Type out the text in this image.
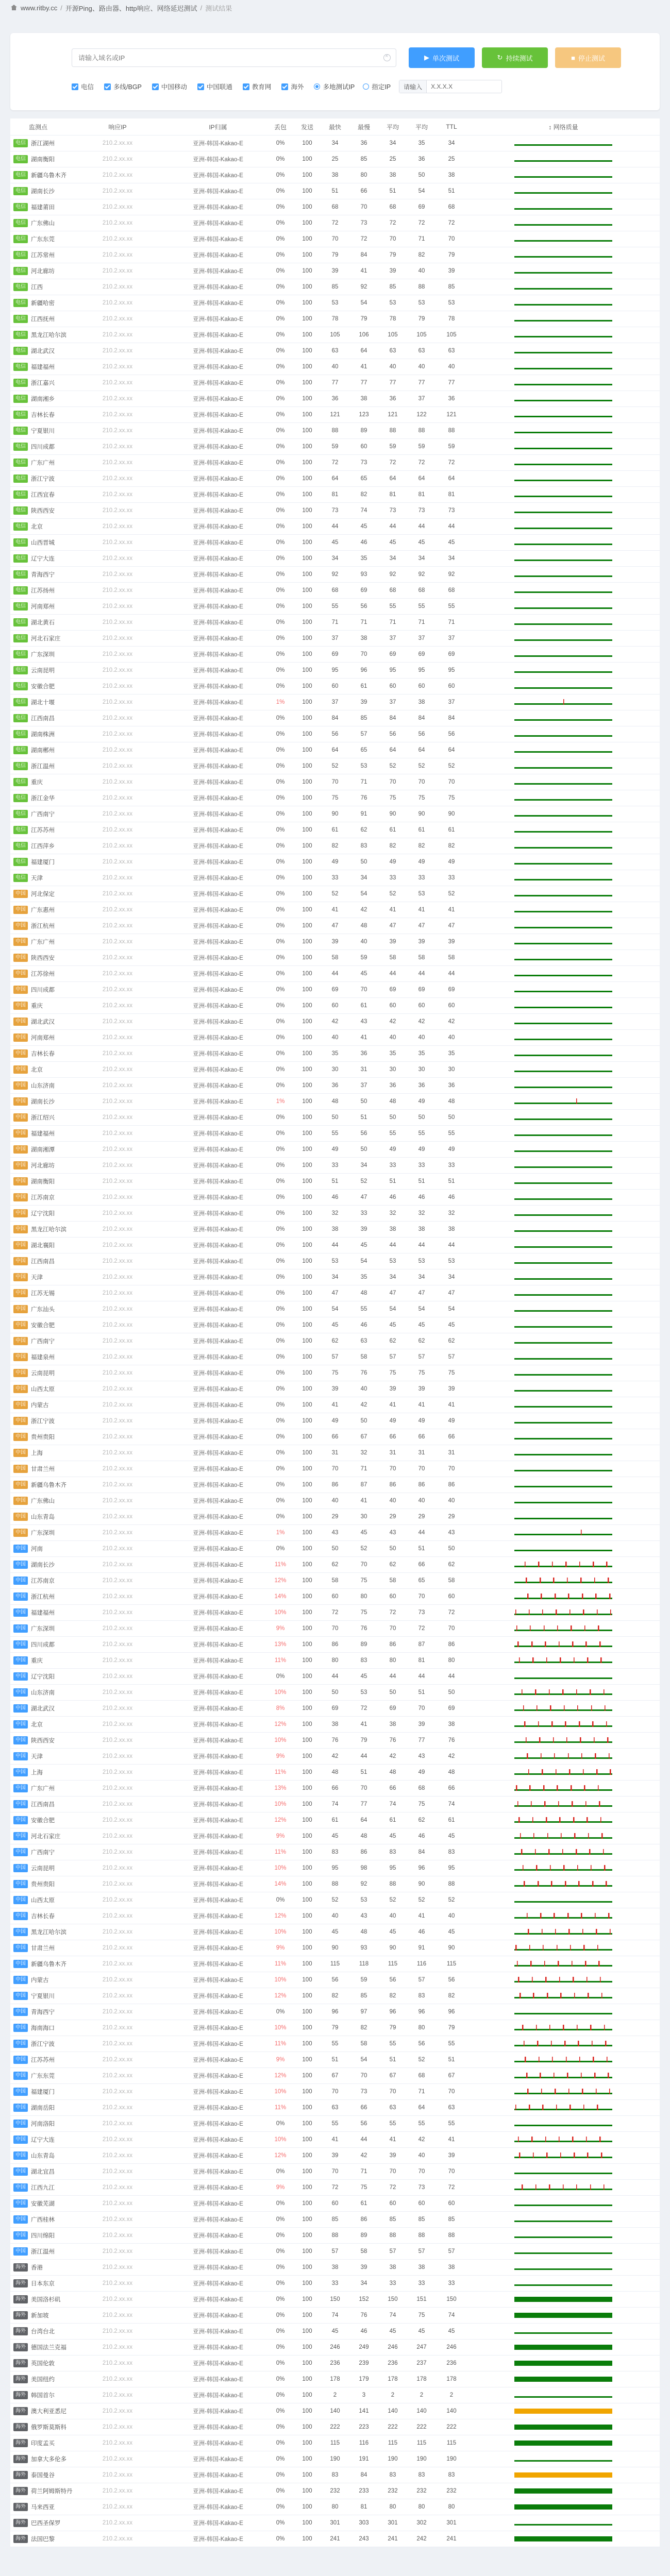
www.ritby.cc / 开源Ping、路由器、http响应、网络延迟测试 / 测试结果
请输入域名或IP
×
▶ 单次测试	↻ 持续测试	■ 停止测试
电信	多线/BGP	中国移动	中国联通	教育网	海外	多地测试IP	指定IP	请输入	X.X.X.X
监测点	响应IP	IP归属	丢包	发送	最快	最慢	平均	平均	TTL	↕ 网络质量
电信 浙江湖州	210.2.xx.xx	亚洲-韩国-Kakao-E	0%	100	34	36	34	35	34	

电信 湖南衡阳	210.2.xx.xx	亚洲-韩国-Kakao-E	0%	100	25	85	25	36	25	

电信 新疆乌鲁木齐	210.2.xx.xx	亚洲-韩国-Kakao-E	0%	100	38	80	38	50	38	

电信 湖南长沙	210.2.xx.xx	亚洲-韩国-Kakao-E	0%	100	51	66	51	54	51	

电信 福建莆田	210.2.xx.xx	亚洲-韩国-Kakao-E	0%	100	68	70	68	69	68	

电信 广东佛山	210.2.xx.xx	亚洲-韩国-Kakao-E	0%	100	72	73	72	72	72	

电信 广东东莞	210.2.xx.xx	亚洲-韩国-Kakao-E	0%	100	70	72	70	71	70	

电信 江苏常州	210.2.xx.xx	亚洲-韩国-Kakao-E	0%	100	79	84	79	82	79	

电信 河北廊坊	210.2.xx.xx	亚洲-韩国-Kakao-E	0%	100	39	41	39	40	39	

电信 江西	210.2.xx.xx	亚洲-韩国-Kakao-E	0%	100	85	92	85	88	85	

电信 新疆哈密	210.2.xx.xx	亚洲-韩国-Kakao-E	0%	100	53	54	53	53	53	

电信 江西抚州	210.2.xx.xx	亚洲-韩国-Kakao-E	0%	100	78	79	78	79	78	

电信 黑龙江哈尔滨	210.2.xx.xx	亚洲-韩国-Kakao-E	0%	100	105	106	105	105	105	

电信 湖北武汉	210.2.xx.xx	亚洲-韩国-Kakao-E	0%	100	63	64	63	63	63	

电信 福建福州	210.2.xx.xx	亚洲-韩国-Kakao-E	0%	100	40	41	40	40	40	

电信 浙江嘉兴	210.2.xx.xx	亚洲-韩国-Kakao-E	0%	100	77	77	77	77	77	

电信 湖南湘乡	210.2.xx.xx	亚洲-韩国-Kakao-E	0%	100	36	38	36	37	36	

电信 吉林长春	210.2.xx.xx	亚洲-韩国-Kakao-E	0%	100	121	123	121	122	121	

电信 宁夏银川	210.2.xx.xx	亚洲-韩国-Kakao-E	0%	100	88	89	88	88	88	

电信 四川成都	210.2.xx.xx	亚洲-韩国-Kakao-E	0%	100	59	60	59	59	59	

电信 广东广州	210.2.xx.xx	亚洲-韩国-Kakao-E	0%	100	72	73	72	72	72	

电信 浙江宁波	210.2.xx.xx	亚洲-韩国-Kakao-E	0%	100	64	65	64	64	64	

电信 江西宜春	210.2.xx.xx	亚洲-韩国-Kakao-E	0%	100	81	82	81	81	81	

电信 陕西西安	210.2.xx.xx	亚洲-韩国-Kakao-E	0%	100	73	74	73	73	73	

电信 北京	210.2.xx.xx	亚洲-韩国-Kakao-E	0%	100	44	45	44	44	44	

电信 山西晋城	210.2.xx.xx	亚洲-韩国-Kakao-E	0%	100	45	46	45	45	45	

电信 辽宁大连	210.2.xx.xx	亚洲-韩国-Kakao-E	0%	100	34	35	34	34	34	

电信 青海西宁	210.2.xx.xx	亚洲-韩国-Kakao-E	0%	100	92	93	92	92	92	

电信 江苏扬州	210.2.xx.xx	亚洲-韩国-Kakao-E	0%	100	68	69	68	68	68	

电信 河南郑州	210.2.xx.xx	亚洲-韩国-Kakao-E	0%	100	55	56	55	55	55	

电信 湖北黄石	210.2.xx.xx	亚洲-韩国-Kakao-E	0%	100	71	71	71	71	71	

电信 河北石家庄	210.2.xx.xx	亚洲-韩国-Kakao-E	0%	100	37	38	37	37	37	

电信 广东深圳	210.2.xx.xx	亚洲-韩国-Kakao-E	0%	100	69	70	69	69	69	

电信 云南昆明	210.2.xx.xx	亚洲-韩国-Kakao-E	0%	100	95	96	95	95	95	

电信 安徽合肥	210.2.xx.xx	亚洲-韩国-Kakao-E	0%	100	60	61	60	60	60	

电信 湖北十堰	210.2.xx.xx	亚洲-韩国-Kakao-E	1%	100	37	39	37	38	37	

电信 江西南昌	210.2.xx.xx	亚洲-韩国-Kakao-E	0%	100	84	85	84	84	84	

电信 湖南株洲	210.2.xx.xx	亚洲-韩国-Kakao-E	0%	100	56	57	56	56	56	

电信 湖南郴州	210.2.xx.xx	亚洲-韩国-Kakao-E	0%	100	64	65	64	64	64	

电信 浙江温州	210.2.xx.xx	亚洲-韩国-Kakao-E	0%	100	52	53	52	52	52	

电信 重庆	210.2.xx.xx	亚洲-韩国-Kakao-E	0%	100	70	71	70	70	70	

电信 浙江金华	210.2.xx.xx	亚洲-韩国-Kakao-E	0%	100	75	76	75	75	75	

电信 广西南宁	210.2.xx.xx	亚洲-韩国-Kakao-E	0%	100	90	91	90	90	90	

电信 江苏苏州	210.2.xx.xx	亚洲-韩国-Kakao-E	0%	100	61	62	61	61	61	

电信 江西萍乡	210.2.xx.xx	亚洲-韩国-Kakao-E	0%	100	82	83	82	82	82	

电信 福建厦门	210.2.xx.xx	亚洲-韩国-Kakao-E	0%	100	49	50	49	49	49	

电信 天津	210.2.xx.xx	亚洲-韩国-Kakao-E	0%	100	33	34	33	33	33	

中国 河北保定	210.2.xx.xx	亚洲-韩国-Kakao-E	0%	100	52	54	52	53	52	

中国 广东惠州	210.2.xx.xx	亚洲-韩国-Kakao-E	0%	100	41	42	41	41	41	

中国 浙江杭州	210.2.xx.xx	亚洲-韩国-Kakao-E	0%	100	47	48	47	47	47	

中国 广东广州	210.2.xx.xx	亚洲-韩国-Kakao-E	0%	100	39	40	39	39	39	

中国 陕西西安	210.2.xx.xx	亚洲-韩国-Kakao-E	0%	100	58	59	58	58	58	

中国 江苏徐州	210.2.xx.xx	亚洲-韩国-Kakao-E	0%	100	44	45	44	44	44	

中国 四川成都	210.2.xx.xx	亚洲-韩国-Kakao-E	0%	100	69	70	69	69	69	

中国 重庆	210.2.xx.xx	亚洲-韩国-Kakao-E	0%	100	60	61	60	60	60	

中国 湖北武汉	210.2.xx.xx	亚洲-韩国-Kakao-E	0%	100	42	43	42	42	42	

中国 河南郑州	210.2.xx.xx	亚洲-韩国-Kakao-E	0%	100	40	41	40	40	40	

中国 吉林长春	210.2.xx.xx	亚洲-韩国-Kakao-E	0%	100	35	36	35	35	35	

中国 北京	210.2.xx.xx	亚洲-韩国-Kakao-E	0%	100	30	31	30	30	30	

中国 山东济南	210.2.xx.xx	亚洲-韩国-Kakao-E	0%	100	36	37	36	36	36	

中国 湖南长沙	210.2.xx.xx	亚洲-韩国-Kakao-E	1%	100	48	50	48	49	48	

中国 浙江绍兴	210.2.xx.xx	亚洲-韩国-Kakao-E	0%	100	50	51	50	50	50	

中国 福建福州	210.2.xx.xx	亚洲-韩国-Kakao-E	0%	100	55	56	55	55	55	

中国 湖南湘潭	210.2.xx.xx	亚洲-韩国-Kakao-E	0%	100	49	50	49	49	49	

中国 河北廊坊	210.2.xx.xx	亚洲-韩国-Kakao-E	0%	100	33	34	33	33	33	

中国 湖南衡阳	210.2.xx.xx	亚洲-韩国-Kakao-E	0%	100	51	52	51	51	51	

中国 江苏南京	210.2.xx.xx	亚洲-韩国-Kakao-E	0%	100	46	47	46	46	46	

中国 辽宁沈阳	210.2.xx.xx	亚洲-韩国-Kakao-E	0%	100	32	33	32	32	32	

中国 黑龙江哈尔滨	210.2.xx.xx	亚洲-韩国-Kakao-E	0%	100	38	39	38	38	38	

中国 湖北襄阳	210.2.xx.xx	亚洲-韩国-Kakao-E	0%	100	44	45	44	44	44	

中国 江西南昌	210.2.xx.xx	亚洲-韩国-Kakao-E	0%	100	53	54	53	53	53	

中国 天津	210.2.xx.xx	亚洲-韩国-Kakao-E	0%	100	34	35	34	34	34	

中国 江苏无锡	210.2.xx.xx	亚洲-韩国-Kakao-E	0%	100	47	48	47	47	47	

中国 广东汕头	210.2.xx.xx	亚洲-韩国-Kakao-E	0%	100	54	55	54	54	54	

中国 安徽合肥	210.2.xx.xx	亚洲-韩国-Kakao-E	0%	100	45	46	45	45	45	

中国 广西南宁	210.2.xx.xx	亚洲-韩国-Kakao-E	0%	100	62	63	62	62	62	

中国 福建泉州	210.2.xx.xx	亚洲-韩国-Kakao-E	0%	100	57	58	57	57	57	

中国 云南昆明	210.2.xx.xx	亚洲-韩国-Kakao-E	0%	100	75	76	75	75	75	

中国 山西太原	210.2.xx.xx	亚洲-韩国-Kakao-E	0%	100	39	40	39	39	39	

中国 内蒙古	210.2.xx.xx	亚洲-韩国-Kakao-E	0%	100	41	42	41	41	41	

中国 浙江宁波	210.2.xx.xx	亚洲-韩国-Kakao-E	0%	100	49	50	49	49	49	

中国 贵州贵阳	210.2.xx.xx	亚洲-韩国-Kakao-E	0%	100	66	67	66	66	66	

中国 上海	210.2.xx.xx	亚洲-韩国-Kakao-E	0%	100	31	32	31	31	31	

中国 甘肃兰州	210.2.xx.xx	亚洲-韩国-Kakao-E	0%	100	70	71	70	70	70	

中国 新疆乌鲁木齐	210.2.xx.xx	亚洲-韩国-Kakao-E	0%	100	86	87	86	86	86	

中国 广东佛山	210.2.xx.xx	亚洲-韩国-Kakao-E	0%	100	40	41	40	40	40	

中国 山东青岛	210.2.xx.xx	亚洲-韩国-Kakao-E	0%	100	29	30	29	29	29	

中国 广东深圳	210.2.xx.xx	亚洲-韩国-Kakao-E	1%	100	43	45	43	44	43	

中国 河南	210.2.xx.xx	亚洲-韩国-Kakao-E	0%	100	50	52	50	51	50	

中国 湖南长沙	210.2.xx.xx	亚洲-韩国-Kakao-E	11%	100	62	70	62	66	62	

中国 江苏南京	210.2.xx.xx	亚洲-韩国-Kakao-E	12%	100	58	75	58	65	58	

中国 浙江杭州	210.2.xx.xx	亚洲-韩国-Kakao-E	14%	100	60	80	60	70	60	

中国 福建福州	210.2.xx.xx	亚洲-韩国-Kakao-E	10%	100	72	75	72	73	72	

中国 广东深圳	210.2.xx.xx	亚洲-韩国-Kakao-E	9%	100	70	76	70	72	70	

中国 四川成都	210.2.xx.xx	亚洲-韩国-Kakao-E	13%	100	86	89	86	87	86	

中国 重庆	210.2.xx.xx	亚洲-韩国-Kakao-E	11%	100	80	83	80	81	80	

中国 辽宁沈阳	210.2.xx.xx	亚洲-韩国-Kakao-E	0%	100	44	45	44	44	44	

中国 山东济南	210.2.xx.xx	亚洲-韩国-Kakao-E	10%	100	50	53	50	51	50	

中国 湖北武汉	210.2.xx.xx	亚洲-韩国-Kakao-E	8%	100	69	72	69	70	69	

中国 北京	210.2.xx.xx	亚洲-韩国-Kakao-E	12%	100	38	41	38	39	38	

中国 陕西西安	210.2.xx.xx	亚洲-韩国-Kakao-E	10%	100	76	79	76	77	76	

中国 天津	210.2.xx.xx	亚洲-韩国-Kakao-E	9%	100	42	44	42	43	42	

中国 上海	210.2.xx.xx	亚洲-韩国-Kakao-E	11%	100	48	51	48	49	48	

中国 广东广州	210.2.xx.xx	亚洲-韩国-Kakao-E	13%	100	66	70	66	68	66	

中国 江西南昌	210.2.xx.xx	亚洲-韩国-Kakao-E	10%	100	74	77	74	75	74	

中国 安徽合肥	210.2.xx.xx	亚洲-韩国-Kakao-E	12%	100	61	64	61	62	61	

中国 河北石家庄	210.2.xx.xx	亚洲-韩国-Kakao-E	9%	100	45	48	45	46	45	

中国 广西南宁	210.2.xx.xx	亚洲-韩国-Kakao-E	11%	100	83	86	83	84	83	

中国 云南昆明	210.2.xx.xx	亚洲-韩国-Kakao-E	10%	100	95	98	95	96	95	

中国 贵州贵阳	210.2.xx.xx	亚洲-韩国-Kakao-E	14%	100	88	92	88	90	88	

中国 山西太原	210.2.xx.xx	亚洲-韩国-Kakao-E	0%	100	52	53	52	52	52	

中国 吉林长春	210.2.xx.xx	亚洲-韩国-Kakao-E	12%	100	40	43	40	41	40	

中国 黑龙江哈尔滨	210.2.xx.xx	亚洲-韩国-Kakao-E	10%	100	45	48	45	46	45	

中国 甘肃兰州	210.2.xx.xx	亚洲-韩国-Kakao-E	9%	100	90	93	90	91	90	

中国 新疆乌鲁木齐	210.2.xx.xx	亚洲-韩国-Kakao-E	11%	100	115	118	115	116	115	

中国 内蒙古	210.2.xx.xx	亚洲-韩国-Kakao-E	10%	100	56	59	56	57	56	

中国 宁夏银川	210.2.xx.xx	亚洲-韩国-Kakao-E	12%	100	82	85	82	83	82	

中国 青海西宁	210.2.xx.xx	亚洲-韩国-Kakao-E	0%	100	96	97	96	96	96	

中国 海南海口	210.2.xx.xx	亚洲-韩国-Kakao-E	10%	100	79	82	79	80	79	

中国 浙江宁波	210.2.xx.xx	亚洲-韩国-Kakao-E	11%	100	55	58	55	56	55	

中国 江苏苏州	210.2.xx.xx	亚洲-韩国-Kakao-E	9%	100	51	54	51	52	51	

中国 广东东莞	210.2.xx.xx	亚洲-韩国-Kakao-E	12%	100	67	70	67	68	67	

中国 福建厦门	210.2.xx.xx	亚洲-韩国-Kakao-E	10%	100	70	73	70	71	70	

中国 湖南岳阳	210.2.xx.xx	亚洲-韩国-Kakao-E	11%	100	63	66	63	64	63	

中国 河南洛阳	210.2.xx.xx	亚洲-韩国-Kakao-E	0%	100	55	56	55	55	55	

中国 辽宁大连	210.2.xx.xx	亚洲-韩国-Kakao-E	10%	100	41	44	41	42	41	

中国 山东青岛	210.2.xx.xx	亚洲-韩国-Kakao-E	12%	100	39	42	39	40	39	

中国 湖北宜昌	210.2.xx.xx	亚洲-韩国-Kakao-E	0%	100	70	71	70	70	70	

中国 江西九江	210.2.xx.xx	亚洲-韩国-Kakao-E	9%	100	72	75	72	73	72	

中国 安徽芜湖	210.2.xx.xx	亚洲-韩国-Kakao-E	0%	100	60	61	60	60	60	

中国 广西桂林	210.2.xx.xx	亚洲-韩国-Kakao-E	0%	100	85	86	85	85	85	

中国 四川绵阳	210.2.xx.xx	亚洲-韩国-Kakao-E	0%	100	88	89	88	88	88	

中国 浙江温州	210.2.xx.xx	亚洲-韩国-Kakao-E	0%	100	57	58	57	57	57	

海外 香港	210.2.xx.xx	亚洲-韩国-Kakao-E	0%	100	38	39	38	38	38	

海外 日本东京	210.2.xx.xx	亚洲-韩国-Kakao-E	0%	100	33	34	33	33	33	

海外 美国洛杉矶	210.2.xx.xx	亚洲-韩国-Kakao-E	0%	100	150	152	150	151	150	

海外 新加坡	210.2.xx.xx	亚洲-韩国-Kakao-E	0%	100	74	76	74	75	74	

海外 台湾台北	210.2.xx.xx	亚洲-韩国-Kakao-E	0%	100	45	46	45	45	45	

海外 德国法兰克福	210.2.xx.xx	亚洲-韩国-Kakao-E	0%	100	246	249	246	247	246	

海外 英国伦敦	210.2.xx.xx	亚洲-韩国-Kakao-E	0%	100	236	239	236	237	236	

海外 美国纽约	210.2.xx.xx	亚洲-韩国-Kakao-E	0%	100	178	179	178	178	178	

海外 韩国首尔	210.2.xx.xx	亚洲-韩国-Kakao-E	0%	100	2	3	2	2	2	

海外 澳大利亚悉尼	210.2.xx.xx	亚洲-韩国-Kakao-E	0%	100	140	141	140	140	140	

海外 俄罗斯莫斯科	210.2.xx.xx	亚洲-韩国-Kakao-E	0%	100	222	223	222	222	222	

海外 印度孟买	210.2.xx.xx	亚洲-韩国-Kakao-E	0%	100	115	116	115	115	115	

海外 加拿大多伦多	210.2.xx.xx	亚洲-韩国-Kakao-E	0%	100	190	191	190	190	190	

海外 泰国曼谷	210.2.xx.xx	亚洲-韩国-Kakao-E	0%	100	83	84	83	83	83	

海外 荷兰阿姆斯特丹	210.2.xx.xx	亚洲-韩国-Kakao-E	0%	100	232	233	232	232	232	

海外 马来西亚	210.2.xx.xx	亚洲-韩国-Kakao-E	0%	100	80	81	80	80	80	

海外 巴西圣保罗	210.2.xx.xx	亚洲-韩国-Kakao-E	0%	100	301	303	301	302	301	

海外 法国巴黎	210.2.xx.xx	亚洲-韩国-Kakao-E	0%	100	241	243	241	242	241	
